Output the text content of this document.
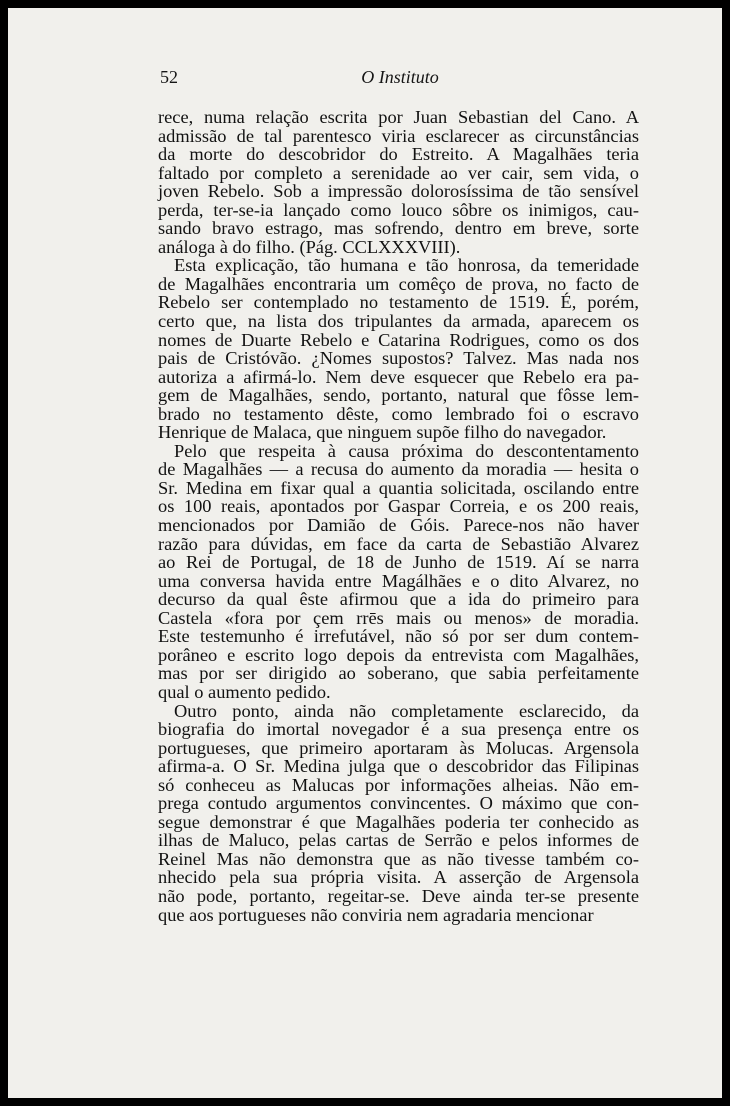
52	O Instituto
rece, numa relação escrita por Juan Sebastian del Cano. A
admissão de tal parentesco viria esclarecer as circunstâncias
da morte do descobridor do Estreito. A Magalhães teria
faltado por completo a serenidade ao ver cair, sem vida, o
joven Rebelo. Sob a impressão dolorosíssima de tão sensível
perda, ter-se-ia lançado como louco sôbre os inimigos, cau-
sando bravo estrago, mas sofrendo, dentro em breve, sorte
análoga à do filho. (Pág. CCLXXXVIII).
Esta explicação, tão humana e tão honrosa, da temeridade
de Magalhães encontraria um comêço de prova, no facto de
Rebelo ser contemplado no testamento de 1519. É, porém,
certo que, na lista dos tripulantes da armada, aparecem os
nomes de Duarte Rebelo e Catarina Rodrigues, como os dos
pais de Cristóvão. ¿Nomes supostos? Talvez. Mas nada nos
autoriza a afirmá-lo. Nem deve esquecer que Rebelo era pa-
gem de Magalhães, sendo, portanto, natural que fôsse lem-
brado no testamento dêste, como lembrado foi o escravo
Henrique de Malaca, que ninguem supõe filho do navegador.
Pelo que respeita à causa próxima do descontentamento
de Magalhães — a recusa do aumento da moradia — hesita o
Sr. Medina em fixar qual a quantia solicitada, oscilando entre
os 100 reais, apontados por Gaspar Correia, e os 200 reais,
mencionados por Damião de Góis. Parece-nos não haver
razão para dúvidas, em face da carta de Sebastião Alvarez
ao Rei de Portugal, de 18 de Junho de 1519. Aí se narra
uma conversa havida entre Magálhães e o dito Alvarez, no
decurso da qual êste afirmou que a ida do primeiro para
Castela «fora por çem rrēs mais ou menos» de moradia.
Este testemunho é irrefutável, não só por ser dum contem-
porâneo e escrito logo depois da entrevista com Magalhães,
mas por ser dirigido ao soberano, que sabia perfeitamente
qual o aumento pedido.
Outro ponto, ainda não completamente esclarecido, da
biografia do imortal novegador é a sua presença entre os
portugueses, que primeiro aportaram às Molucas. Argensola
afirma-a. O Sr. Medina julga que o descobridor das Filipinas
só conheceu as Malucas por informações alheias. Não em-
prega contudo argumentos convincentes. O máximo que con-
segue demonstrar é que Magalhães poderia ter conhecido as
ilhas de Maluco, pelas cartas de Serrão e pelos informes de
Reinel Mas não demonstra que as não tivesse também co-
nhecido pela sua própria visita. A asserção de Argensola
não pode, portanto, regeitar-se. Deve ainda ter-se presente
que aos portugueses não conviria nem agradaria mencionar
